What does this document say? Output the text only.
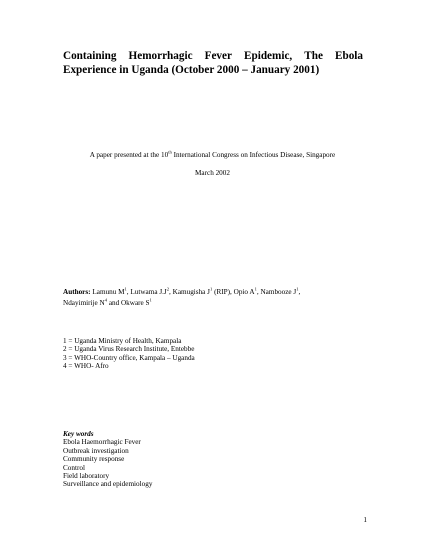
Containing Hemorrhagic Fever Epidemic, The Ebola
Experience in Uganda (October 2000 – January 2001)
A paper presented at the 10th International Congress on Infectious Disease, Singapore
March 2002
Authors: Lamunu $M^1$, Lutwama $J.J^2$, Kamugisha $J^1$ (RIP), Opio $A^1$, Nambooze $J^1$,
Ndayimirije $N^4$ and Okware $S^1$
1 = Uganda Ministry of Health, Kampala
2 = Uganda Virus Research Institute, Entebbe
3 = WHO-Country office, Kampala – Uganda
4 = WHO- Afro
Key words
Ebola Haemorrhagic Fever
Outbreak investigation
Community response
Control
Field laboratory
Surveillance and epidemiology
1
